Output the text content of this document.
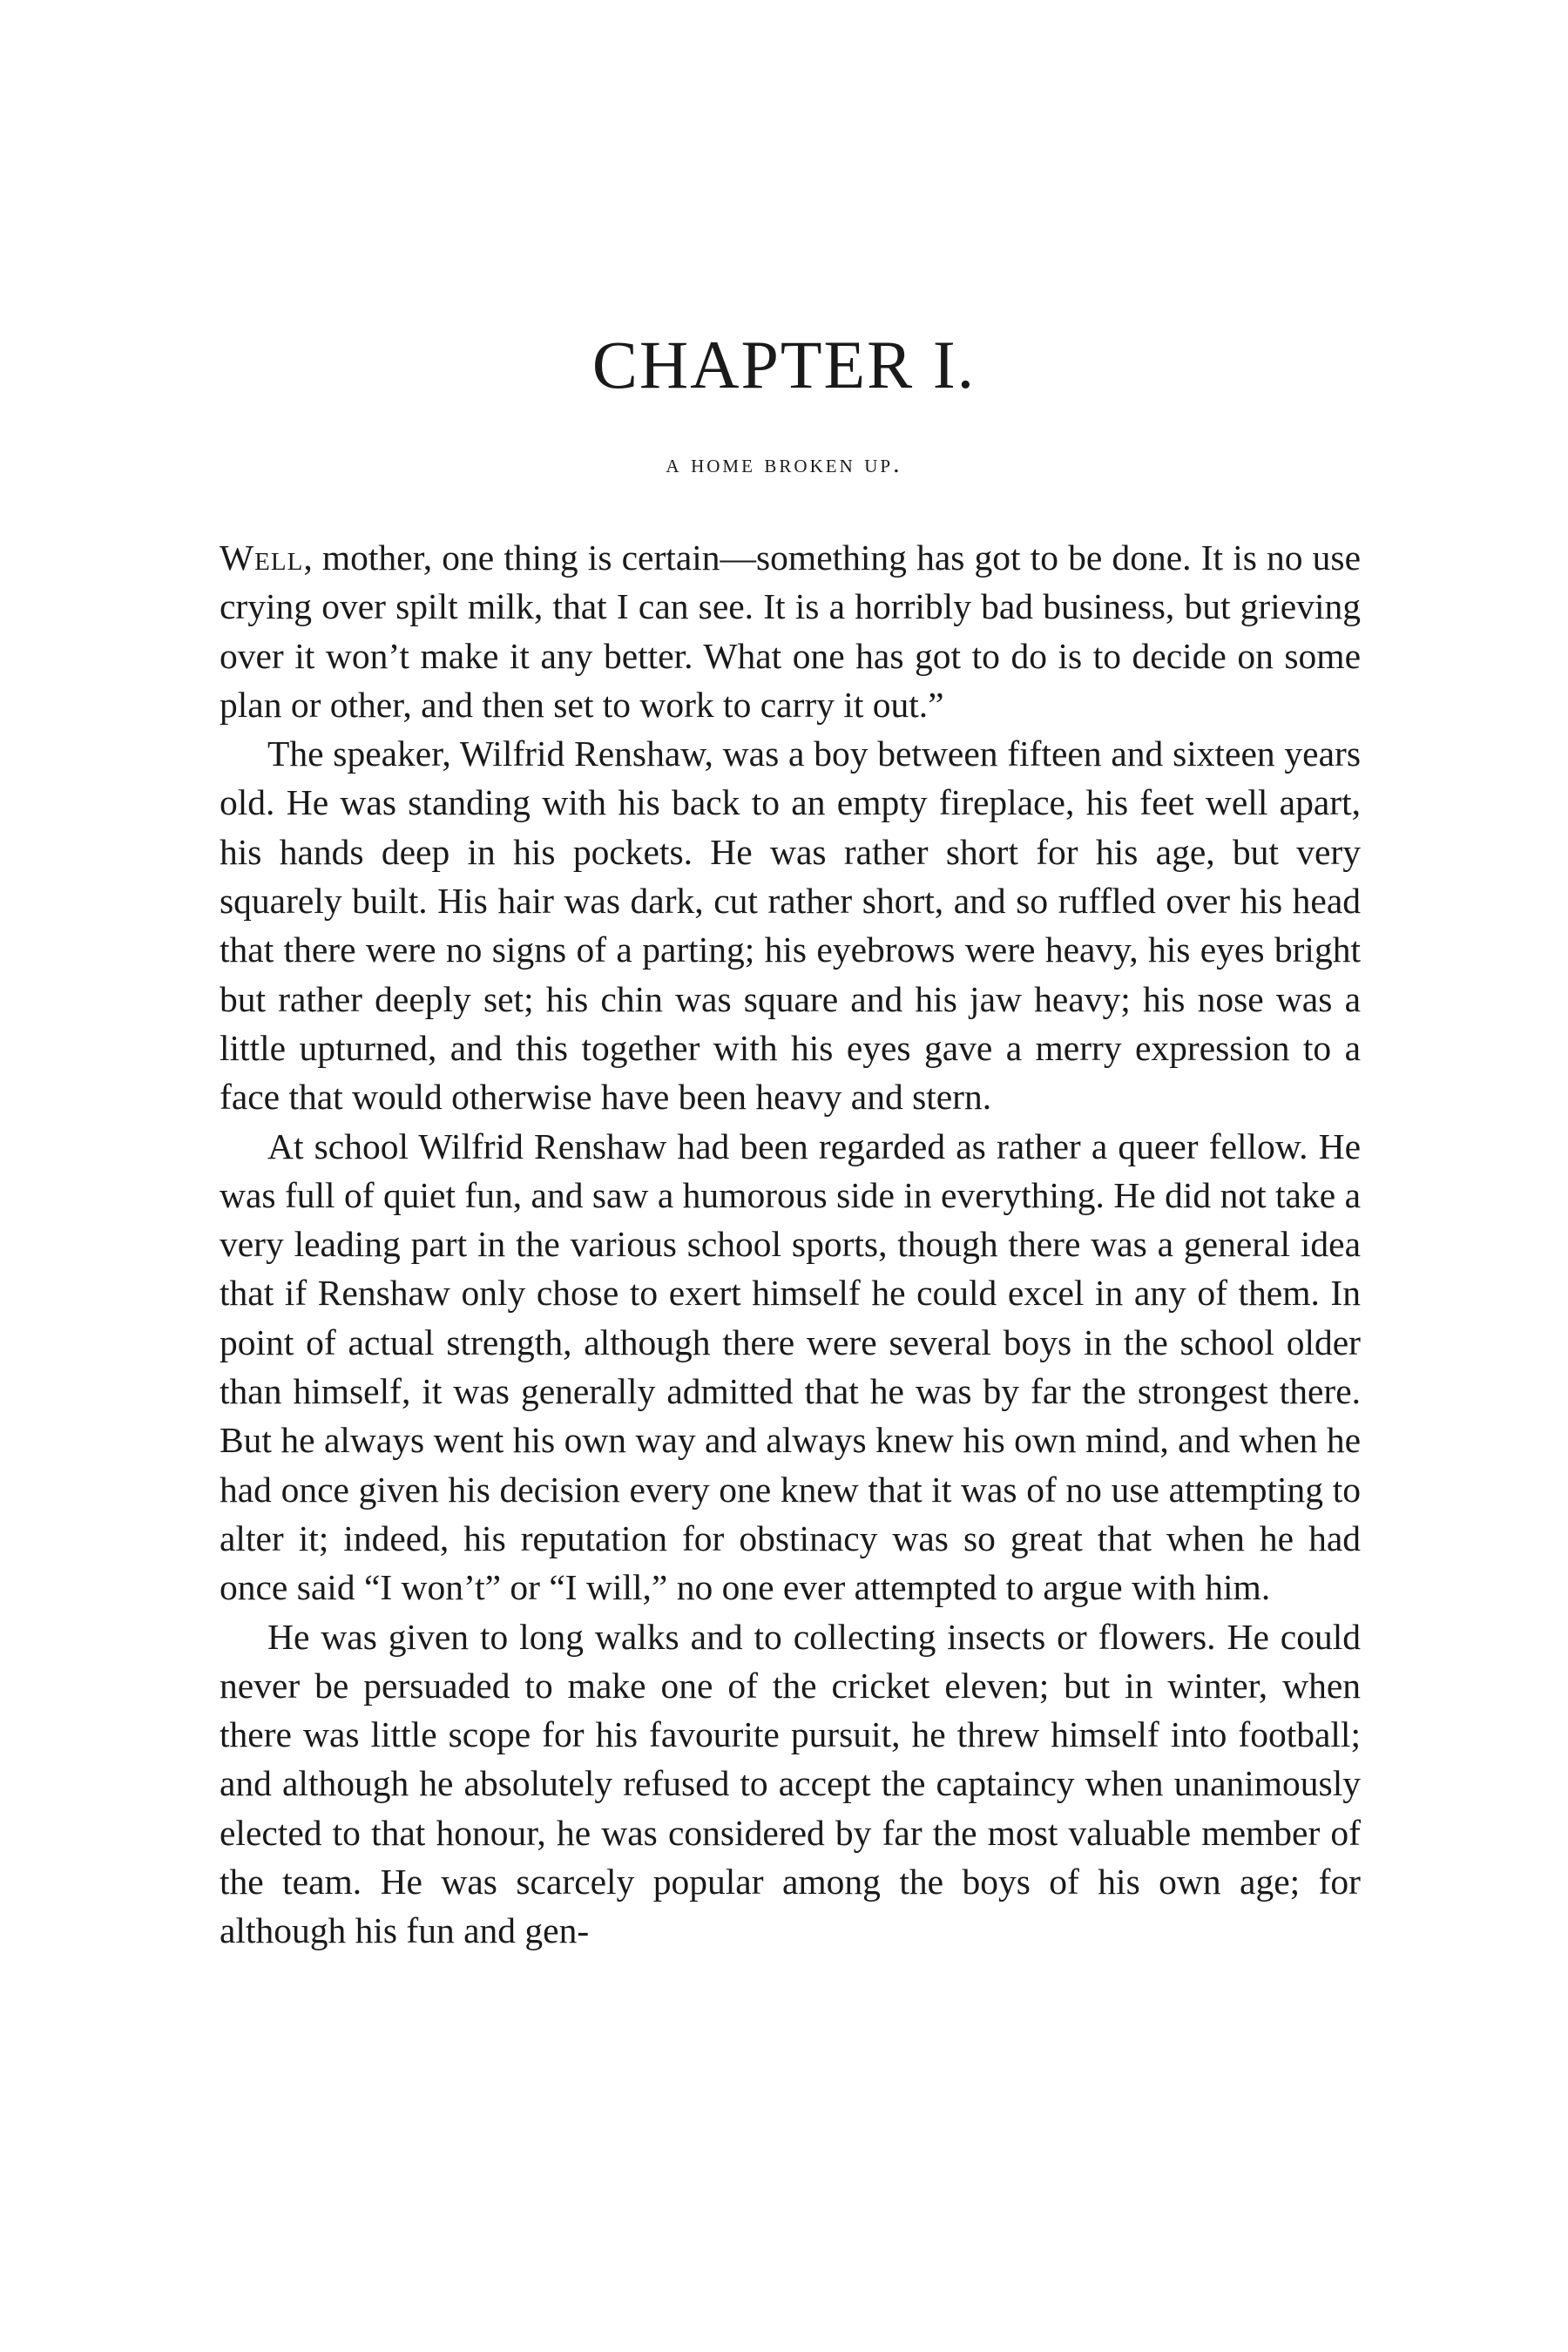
CHAPTER I.
a home broken up.

Well, mother, one thing is certain—something has got to be done. It is no use crying over spilt milk, that I can see. It is a horribly bad business, but grieving over it won’t make it any better. What one has got to do is to decide on some plan or other, and then set to work to carry it out.”

The speaker, Wilfrid Renshaw, was a boy between fifteen and sixteen years old. He was standing with his back to an empty fireplace, his feet well apart, his hands deep in his pockets. He was rather short for his age, but very squarely built. His hair was dark, cut rather short, and so ruffled over his head that there were no signs of a parting; his eyebrows were heavy, his eyes bright but rather deeply set; his chin was square and his jaw heavy; his nose was a little upturned, and this together with his eyes gave a merry expression to a face that would otherwise have been heavy and stern.

At school Wilfrid Renshaw had been regarded as rather a queer fellow. He was full of quiet fun, and saw a humorous side in everything. He did not take a very leading part in the various school sports, though there was a general idea that if Renshaw only chose to exert himself he could excel in any of them. In point of actual strength, although there were several boys in the school older than himself, it was generally admitted that he was by far the strongest there. But he always went his own way and always knew his own mind, and when he had once given his decision every one knew that it was of no use attempting to alter it; indeed, his reputation for obstinacy was so great that when he had once said “I won’t” or “I will,” no one ever attempted to argue with him.

He was given to long walks and to collecting insects or flowers. He could never be persuaded to make one of the cricket eleven; but in winter, when there was little scope for his favourite pursuit, he threw himself into football; and although he absolutely refused to accept the captaincy when unanimously elected to that honour, he was considered by far the most valuable member of the team. He was scarcely popular among the boys of his own age; for although his fun and gen-
